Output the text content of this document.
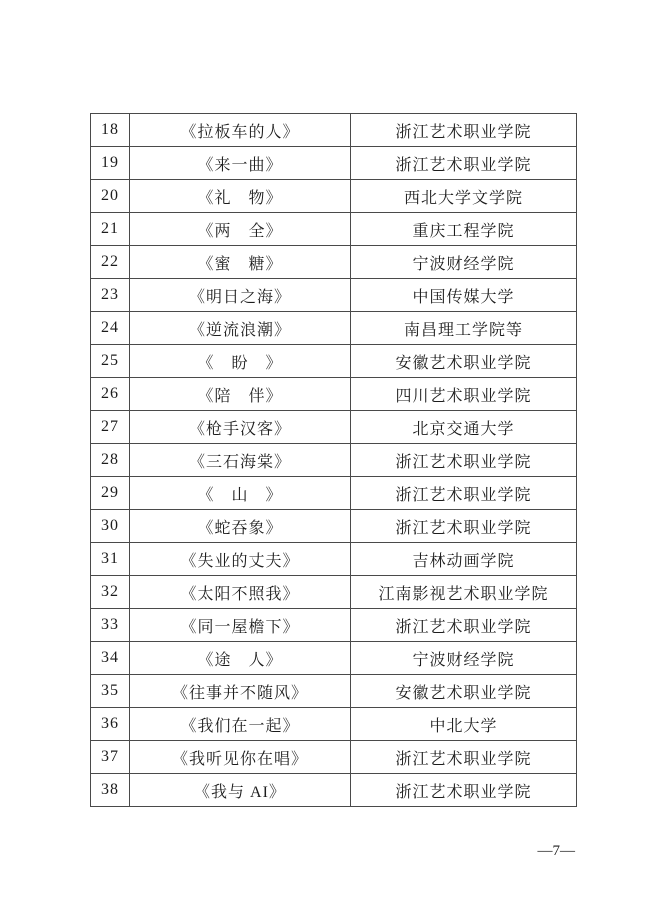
18	《拉板车的人》	浙江艺术职业学院
19	《来一曲》	浙江艺术职业学院
20	《礼　物》	西北大学文学院
21	《两　全》	重庆工程学院
22	《蜜　糖》	宁波财经学院
23	《明日之海》	中国传媒大学
24	《逆流浪潮》	南昌理工学院等
25	《　盼　》	安徽艺术职业学院
26	《陪　伴》	四川艺术职业学院
27	《枪手汉客》	北京交通大学
28	《三石海棠》	浙江艺术职业学院
29	《　山　》	浙江艺术职业学院
30	《蛇吞象》	浙江艺术职业学院
31	《失业的丈夫》	吉林动画学院
32	《太阳不照我》	江南影视艺术职业学院
33	《同一屋檐下》	浙江艺术职业学院
34	《途　人》	宁波财经学院
35	《往事并不随风》	安徽艺术职业学院
36	《我们在一起》	中北大学
37	《我听见你在唱》	浙江艺术职业学院
38	《我与 AI》	浙江艺术职业学院
—7—
